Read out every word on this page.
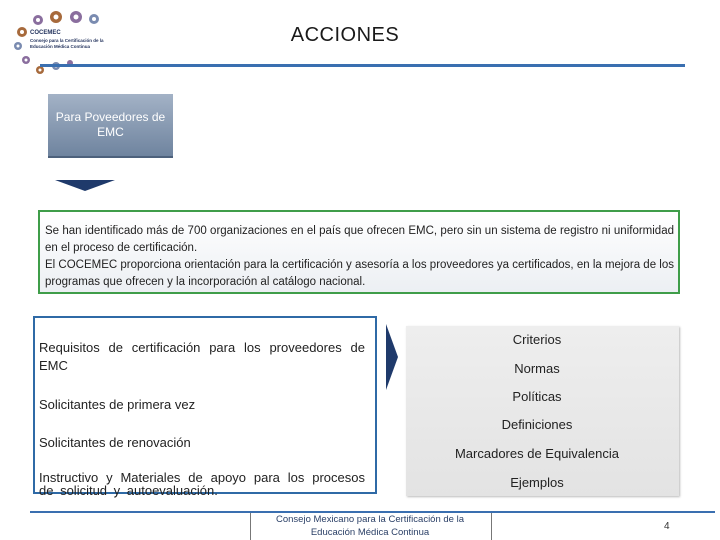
COCEMEC
Consejo para la Certificación de la
Educación Médica Continua
ACCIONES
Para Poveedores de EMC

Se han identificado más de 700 organizaciones en el país que ofrecen EMC, pero sin un sistema de registro ni uniformidad en el proceso de certificación.

El COCEMEC proporciona orientación para la certificación y asesoría a los proveedores ya certificados, en la mejora de los programas que ofrecen y la incorporación al catálogo nacional.

Requisitos de certificación para los proveedores de EMC

Solicitantes de primera vez

Solicitantes de renovación

Instructivo y Materiales de apoyo para los procesos de solicitud y autoevaluación.

Criterios
Normas
Políticas
Definiciones
Marcadores de Equivalencia
Ejemplos
Consejo Mexicano para la Certificación de la
Educación Médica Continua
4
